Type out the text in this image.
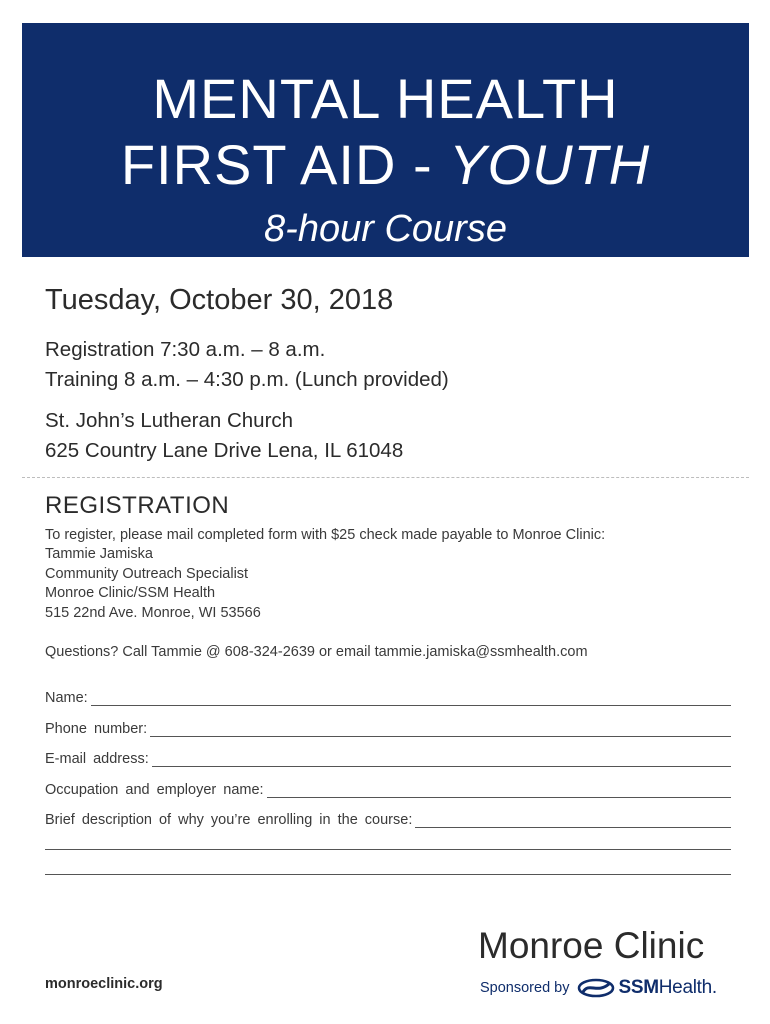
MENTAL HEALTH
FIRST AID - YOUTH
8-hour Course
Tuesday, October 30, 2018
Registration 7:30 a.m. – 8 a.m.
Training 8 a.m. – 4:30 p.m. (Lunch provided)
St. John’s Lutheran Church
625 Country Lane Drive Lena, IL 61048
REGISTRATION
To register, please mail completed form with $25 check made payable to Monroe Clinic:
Tammie Jamiska
Community Outreach Specialist
Monroe Clinic/SSM Health
515 22nd Ave. Monroe, WI 53566
Questions? Call Tammie @ 608-324-2639 or email tammie.jamiska@ssmhealth.com
Name:
Phone number:
E-mail address:
Occupation and employer name:
Brief description of why you’re enrolling in the course:
Monroe Clinic
monroeclinic.org	Sponsored by	SSMHealth.
